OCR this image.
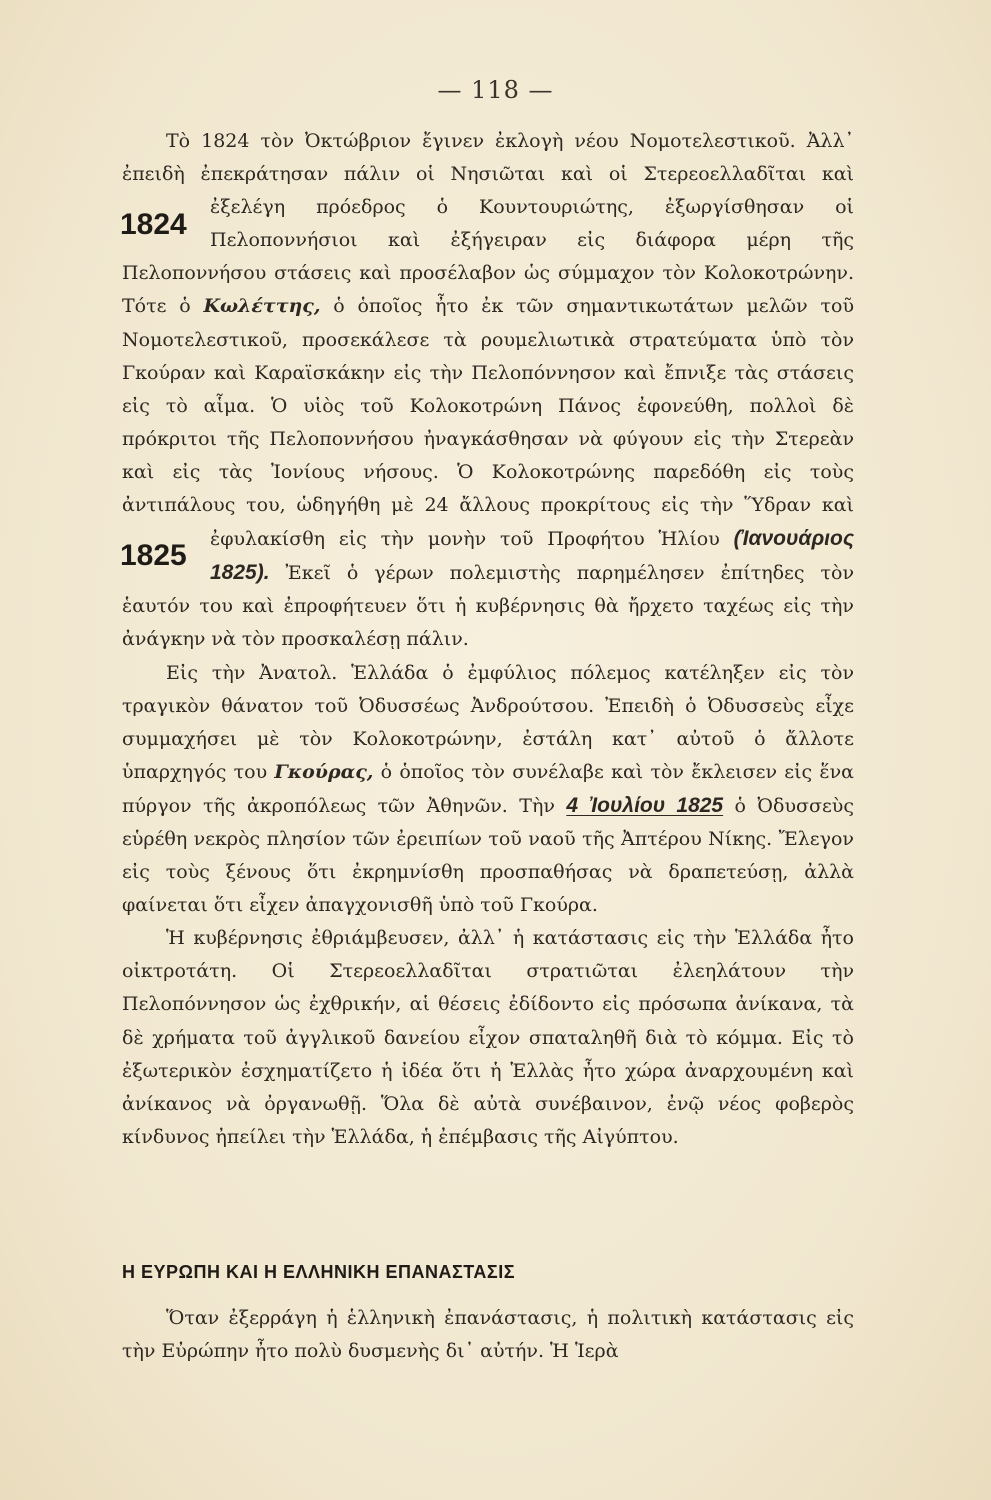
— 118 —

Τὸ 1824 τὸν Ὀκτώβριον ἔγινεν ἐκλογὴ νέου Νομοτελεστικοῦ. Ἀλλ᾽ ἐπειδὴ ἐπεκράτησαν πάλιν οἱ Νησιῶται καὶ οἱ Στερεοελλαδῖται καὶ ἐξελέγη πρόεδρος ὁ Κουντουριώτης, ἐξωργίσθησαν
1824
οἱ Πελοποννήσιοι καὶ ἐξήγειραν εἰς διάφορα μέρη τῆς Πελοποννήσου στάσεις καὶ προσέλαβον ὡς σύμμαχον τὸν Κολοκοτρώνην. Τότε ὁ Κωλέττης, ὁ ὁποῖος ἦτο ἐκ τῶν σημαντικωτάτων μελῶν τοῦ Νομοτελεστικοῦ, προσεκάλεσε τὰ ρουμελιωτικὰ στρατεύματα ὑπὸ τὸν Γκούραν καὶ Καραϊσκάκην εἰς τὴν Πελοπόννησον καὶ ἔπνιξε τὰς στάσεις εἰς τὸ αἷμα. Ὁ υἱὸς τοῦ Κολοκοτρώνη Πάνος ἐφονεύθη, πολλοὶ δὲ πρόκριτοι τῆς Πελοποννήσου ἠναγκάσθησαν νὰ φύγουν εἰς τὴν Στερεὰν καὶ εἰς τὰς Ἰονίους νήσους. Ὁ Κολοκοτρώνης παρεδόθη εἰς τοὺς ἀντιπάλους του, ὡδηγήθη μὲ 24 ἄλλους προκρίτους εἰς τὴν Ὕδραν
1825
καὶ ἐφυλακίσθη εἰς τὴν μονὴν τοῦ Προφήτου Ἡλίου (Ἰανουάριος 1825). Ἐκεῖ ὁ γέρων πολεμιστὴς παρημέλησεν ἐπίτηδες τὸν ἑαυτόν του καὶ ἐπροφήτευεν ὅτι ἡ κυβέρνησις θὰ ἤρχετο ταχέως εἰς τὴν ἀνάγκην νὰ τὸν προσκαλέσῃ πάλιν.

Εἰς τὴν Ἀνατολ. Ἑλλάδα ὁ ἐμφύλιος πόλεμος κατέληξεν εἰς τὸν τραγικὸν θάνατον τοῦ Ὀδυσσέως Ἀνδρούτσου. Ἐπειδὴ ὁ Ὀδυσσεὺς εἶχε συμμαχήσει μὲ τὸν Κολοκοτρώνην, ἐστάλη κατ᾽ αὐτοῦ ὁ ἄλλοτε ὑπαρχηγός του Γκούρας, ὁ ὁποῖος τὸν συνέλαβε καὶ τὸν ἔκλεισεν εἰς ἕνα πύργον τῆς ἀκροπόλεως τῶν Ἀθηνῶν. Τὴν 4 Ἰουλίου 1825 ὁ Ὀδυσσεὺς εὑρέθη νεκρὸς πλησίον τῶν ἐρειπίων τοῦ ναοῦ τῆς Ἀπτέρου Νίκης. Ἔλεγον εἰς τοὺς ξένους ὅτι ἐκρημνίσθη προσπαθήσας νὰ δραπετεύσῃ, ἀλλὰ φαίνεται ὅτι εἶχεν ἀπαγχονισθῆ ὑπὸ τοῦ Γκούρα.

Ἡ κυβέρνησις ἐθριάμβευσεν, ἀλλ᾽ ἡ κατάστασις εἰς τὴν Ἑλλάδα ἦτο οἰκτροτάτη. Οἱ Στερεοελλαδῖται στρατιῶται ἐλεηλάτουν τὴν Πελοπόννησον ὡς ἐχθρικήν, αἱ θέσεις ἐδίδοντο εἰς πρόσωπα ἀνίκανα, τὰ δὲ χρήματα τοῦ ἀγγλικοῦ δανείου εἶχον σπαταληθῆ διὰ τὸ κόμμα. Εἰς τὸ ἐξωτερικὸν ἐσχηματίζετο ἡ ἰδέα ὅτι ἡ Ἑλλὰς ἦτο χώρα ἀναρχουμένη καὶ ἀνίκανος νὰ ὀργανωθῇ. Ὅλα δὲ αὐτὰ συνέβαινον, ἐνῷ νέος φοβερὸς κίνδυνος ἠπείλει τὴν Ἑλλάδα, ἡ ἐπέμβασις τῆς Αἰγύπτου.

Η ΕΥΡΩΠΗ ΚΑΙ Η ΕΛΛΗΝΙΚΗ ΕΠΑΝΑΣΤΑΣΙΣ

Ὅταν ἐξερράγη ἡ ἑλληνικὴ ἐπανάστασις, ἡ πολιτικὴ κατάστασις εἰς τὴν Εὐρώπην ἦτο πολὺ δυσμενὴς δι᾽ αὐτήν. Ἡ Ἱερὰ
